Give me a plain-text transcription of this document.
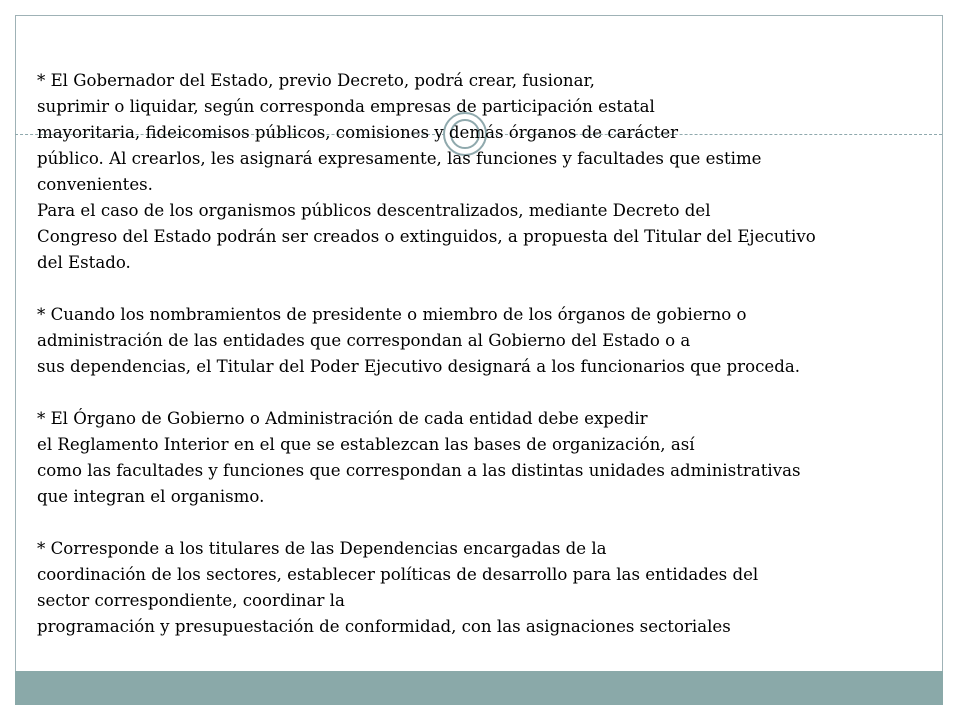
* El Gobernador del Estado, previo Decreto, podrá crear, fusionar,
suprimir o liquidar, según corresponda empresas de participación estatal
mayoritaria, fideicomisos públicos, comisiones y demás órganos de carácter
público. Al crearlos, les asignará expresamente, las funciones y facultades que estime
convenientes.
Para el caso de los organismos públicos descentralizados, mediante Decreto del
Congreso del Estado podrán ser creados o extinguidos, a propuesta del Titular del Ejecutivo
del Estado.

* Cuando los nombramientos de presidente o miembro de los órganos de gobierno o
administración de las entidades que correspondan al Gobierno del Estado o a
sus dependencias, el Titular del Poder Ejecutivo designará a los funcionarios que proceda.

* El Órgano de Gobierno o Administración de cada entidad debe expedir
el Reglamento Interior en el que se establezcan las bases de organización, así
como las facultades y funciones que correspondan a las distintas unidades administrativas
que integran el organismo.

* Corresponde a los titulares de las Dependencias encargadas de la
coordinación de los sectores, establecer políticas de desarrollo para las entidades del
sector correspondiente, coordinar la
programación y presupuestación de conformidad, con las asignaciones sectoriales
